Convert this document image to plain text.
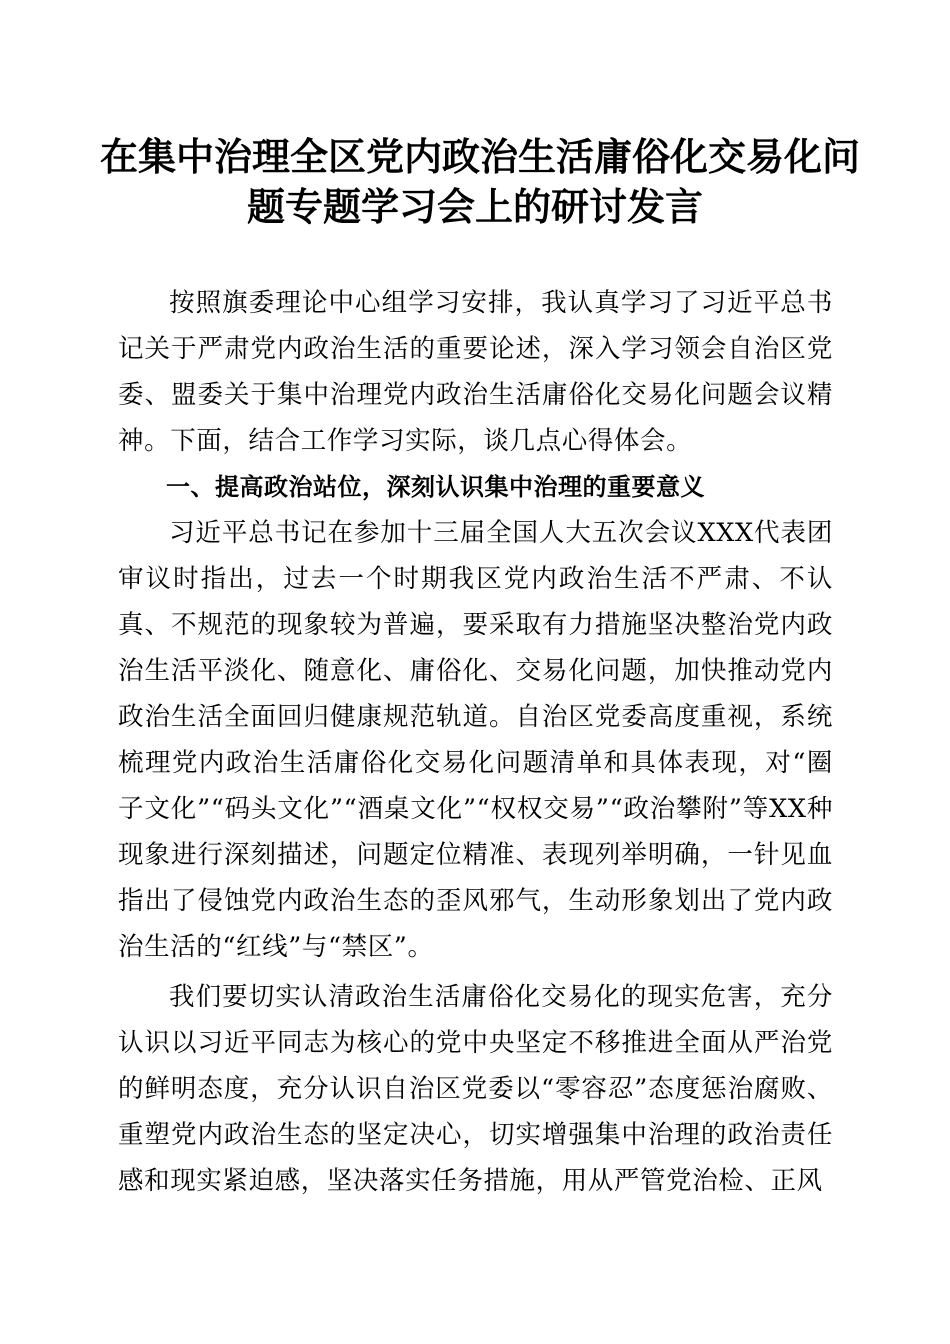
在集中治理全区党内政治生活庸俗化交易化问
题专题学习会上的研讨发言

按照旗委理论中心组学习安排，我认真学习了习近平总书记关于严肃党内政治生活的重要论述，深入学习领会自治区党委、盟委关于集中治理党内政治生活庸俗化交易化问题会议精神。下面，结合工作学习实际，谈几点心得体会。

一、提高政治站位，深刻认识集中治理的重要意义

习近平总书记在参加十三届全国人大五次会议XXX代表团审议时指出，过去一个时期我区党内政治生活不严肃、不认真、不规范的现象较为普遍，要采取有力措施坚决整治党内政治生活平淡化、随意化、庸俗化、交易化问题，加快推动党内政治生活全面回归健康规范轨道。自治区党委高度重视，系统梳理党内政治生活庸俗化交易化问题清单和具体表现，对“圈子文化”“码头文化”“酒桌文化”“权权交易”“政治攀附”等XX种现象进行深刻描述，问题定位精准、表现列举明确，一针见血指出了侵蚀党内政治生态的歪风邪气，生动形象划出了党内政治生活的“红线”与“禁区”。

我们要切实认清政治生活庸俗化交易化的现实危害，充分认识以习近平同志为核心的党中央坚定不移推进全面从严治党的鲜明态度，充分认识自治区党委以“零容忍”态度惩治腐败、重塑党内政治生态的坚定决心，切实增强集中治理的政治责任感和现实紧迫感，坚决落实任务措施，用从严管党治检、正风
